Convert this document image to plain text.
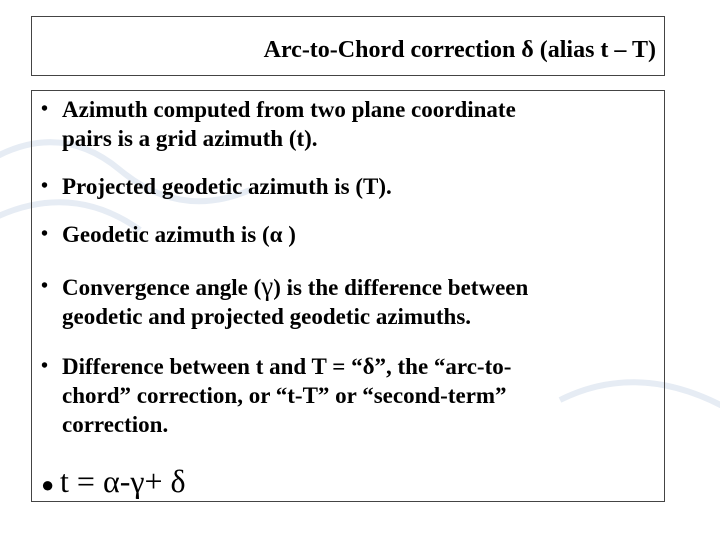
Arc-to-Chord correction δ (alias t – T)
• Azimuth computed from two plane coordinate
pairs is a grid azimuth (t).
• Projected geodetic azimuth is (T).
• Geodetic azimuth is (α )
• Convergence angle (γ) is the difference between
geodetic and projected geodetic azimuths.
• Difference between t and T = “δ”, the “arc-to-
chord” correction, or “t-T” or “second-term”
correction.
● t = α-γ+ δ
